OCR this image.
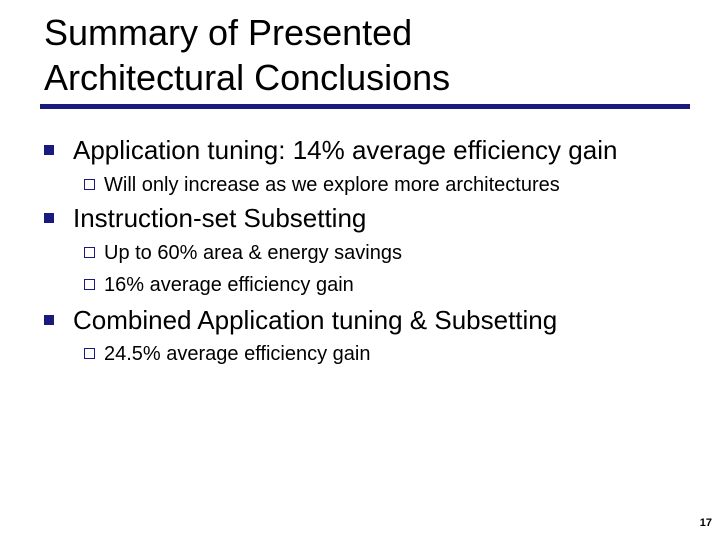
Summary of Presented
Architectural Conclusions
Application tuning: 14% average efficiency gain
Will only increase as we explore more architectures
Instruction-set Subsetting
Up to 60% area & energy savings
16% average efficiency gain
Combined Application tuning & Subsetting
24.5% average efficiency gain
17
